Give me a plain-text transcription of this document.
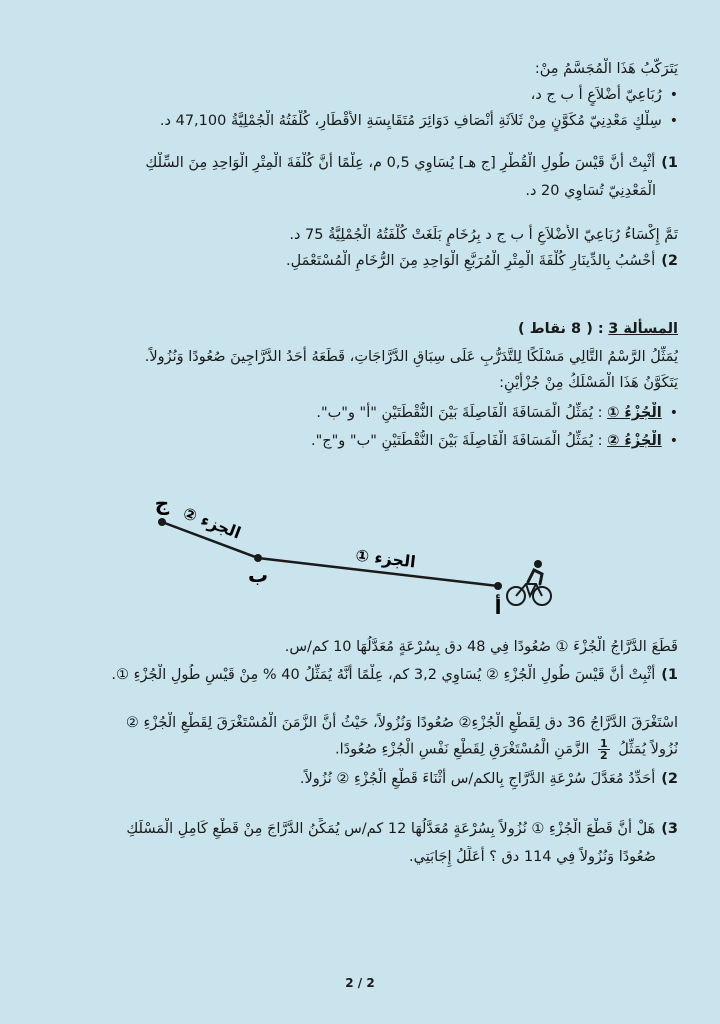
يَتَرَكَّبُ هَذَا الْمُجَسَّمُ مِنْ:
• رُبَاعِيّ أَضْلاَعٍ أ ب ج د،
• سِلْكٍ مَعْدِنِيّ مُكَوَّنٍ مِنْ ثَلاَثَةِ أَنْصَافِ دَوَائِرَ مُتَقَايِسَةِ الأَقْطَارِ، كُلْفَتُهُ الْجُمْلِيَّةُ 47,100 د.
1)أُثْبِتْ أَنَّ قَيْسَ طُولِ الْقُطْرِ [ج هـ] يُسَاوِي 0,5 م، عِلْمًا أَنَّ كُلْفَةَ الْمِتْرِ الْوَاحِدِ مِنَ السِّلْكِ
الْمَعْدِنِيّ تُسَاوِي 20 د.
تَمَّ إِكْسَاءُ رُبَاعِيّ الأَضْلاَعِ أ ب ج د بِرُخَامٍ بَلَغَتْ كُلْفَتُهُ الْجُمْلِيَّةُ 75 د.
2)أَحْسُبُ بِالدِّينَارِ كُلْفَةَ الْمِتْرِ الْمُرَبَّعِ الْوَاحِدِ مِنَ الرُّخَامِ الْمُسْتَعْمَلِ.
المسألة 3 : ( 8 نقاط )
يُمَثِّلُ الرَّسْمُ التَّالِي مَسْلَكًا لِلتَّدَرُّبِ عَلَى سِبَاقِ الدَّرَّاجَاتِ، قَطَعَهُ أَحَدُ الدَّرَّاجِينَ صُعُودًا وَنُزُولاً.
يَتَكَوَّنُ هَذَا الْمَسْلَكُ مِنْ جُزْأَيْنِ:
• الْجُزْءُ ① : يُمَثِّلُ الْمَسَافَةَ الْفَاصِلَةَ بَيْنَ النُّقْطَتَيْنِ "أ" و"ب".
• الْجُزْءُ ② : يُمَثِّلُ الْمَسَافَةَ الْفَاصِلَةَ بَيْنَ النُّقْطَتَيْنِ "ب" و"ج".
ج
ب
أ
الجزء ②
الجزء ①
قَطَعَ الدَّرَّاجُ الْجُزْءَ ① صُعُودًا فِي 48 دق بِسُرْعَةٍ مُعَدَّلُهَا 10 كم/س.
1)أُثْبِتْ أَنَّ قَيْسَ طُولِ الْجُزْءِ ② يُسَاوِي 3,2 كم، عِلْمًا أَنَّهُ يُمَثِّلُ 40 % مِنْ قَيْسِ طُولِ الْجُزْءِ ①.
اسْتَغْرَقَ الدَّرَّاجُ 36 دق لِقَطْعِ الْجُزْءِ② صُعُودًا وَنُزُولاً، حَيْثُ أَنَّ الزَّمَنَ الْمُسْتَغْرَقَ لِقَطْعِ الْجُزْءِ ②
نُزُولاً يُمَثِّلُ
$\frac{1}{2}$
الزَّمَنِ الْمُسْتَغْرَقِ لِقَطْعِ نَفْسِ الْجُزْءِ صُعُودًا.
2)أُحَدِّدُ مُعَدَّلَ سُرْعَةِ الدَّرَّاجِ بِالكم/س أَثْنَاءَ قَطْعِ الْجُزْءِ ② نُزُولاً.
3)هَلْ أَنَّ قَطْعَ الْجُزْءِ ① نُزُولاً بِسُرْعَةٍ مُعَدَّلُهَا 12 كم/س يُمَكِّنُ الدَّرَّاجَ مِنْ قَطْعِ كَامِلِ الْمَسْلَكِ
صُعُودًا وَنُزُولاً فِي 114 دق ؟ أُعَلِّلُ إِجَابَتِي.
2 / 2
